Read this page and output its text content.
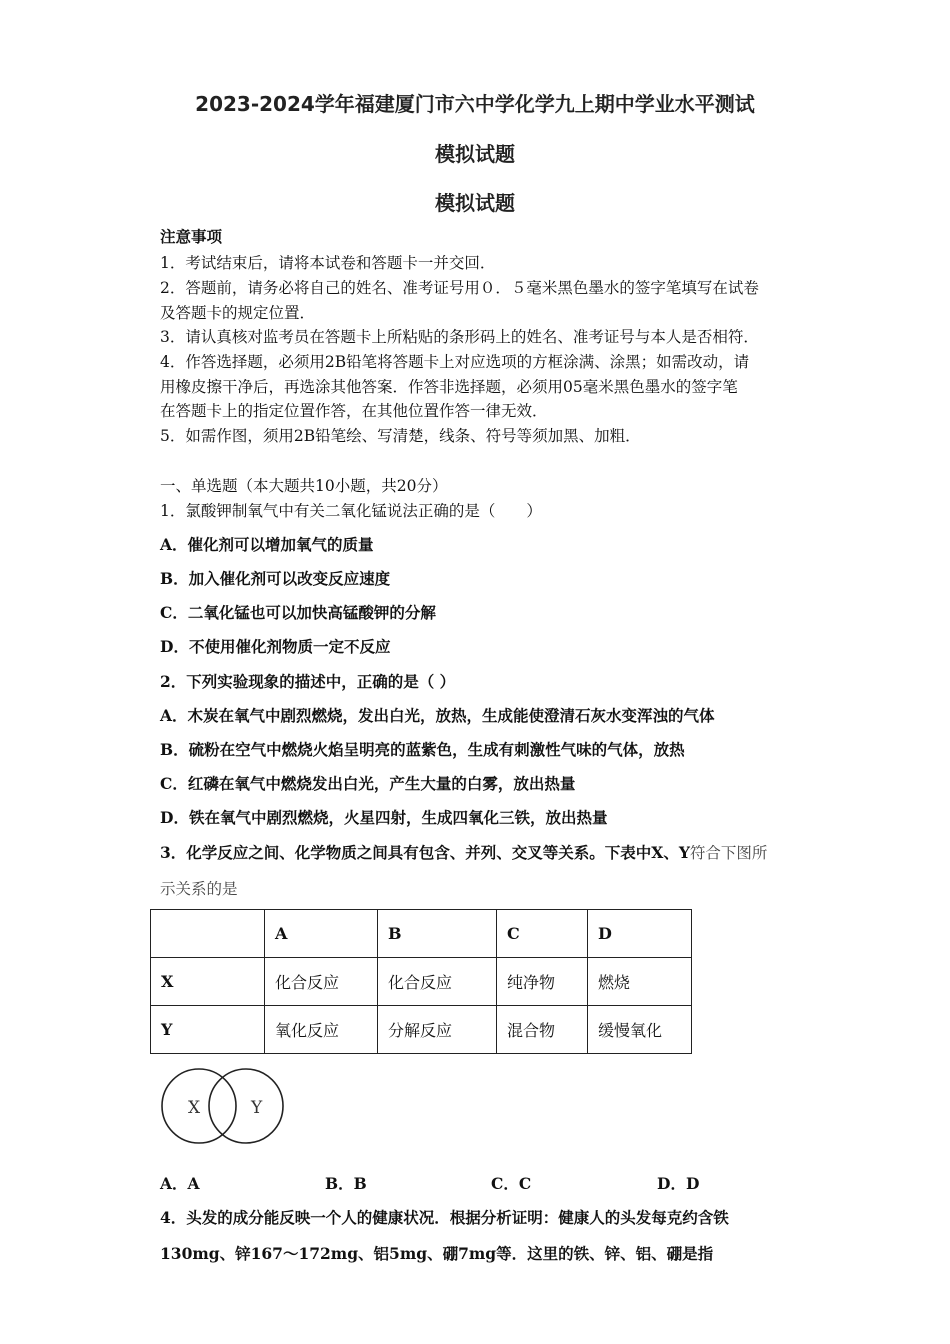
2023-2024学年福建厦门市六中学化学九上期中学业水平测试
模拟试题
模拟试题
注意事项
1．考试结束后，请将本试卷和答题卡一并交回．
2．答题前，请务必将自己的姓名、准考证号用０．５毫米黑色墨水的签字笔填写在试卷
及答题卡的规定位置．
3．请认真核对监考员在答题卡上所粘贴的条形码上的姓名、准考证号与本人是否相符．
4．作答选择题，必须用2B铅笔将答题卡上对应选项的方框涂满、涂黑；如需改动，请
用橡皮擦干净后，再选涂其他答案．作答非选择题，必须用05毫米黑色墨水的签字笔
在答题卡上的指定位置作答，在其他位置作答一律无效．
5．如需作图，须用2B铅笔绘、写清楚，线条、符号等须加黑、加粗．
一、单选题（本大题共10小题，共20分）
1．氯酸钾制氧气中有关二氧化锰说法正确的是（　　）
A．催化剂可以增加氧气的质量
B．加入催化剂可以改变反应速度
C．二氧化锰也可以加快高锰酸钾的分解
D．不使用催化剂物质一定不反应
2．下列实验现象的描述中，正确的是（ ）
A．木炭在氧气中剧烈燃烧，发出白光，放热，生成能使澄清石灰水变浑浊的气体
B．硫粉在空气中燃烧火焰呈明亮的蓝紫色，生成有刺激性气味的气体，放热
C．红磷在氧气中燃烧发出白光，产生大量的白雾，放出热量
D．铁在氧气中剧烈燃烧，火星四射，生成四氧化三铁，放出热量
3．化学反应之间、化学物质之间具有包含、并列、交叉等关系。下表中X、Y符合下图所
示关系的是
	A	B	C	D
X	化合反应	化合反应	纯净物	燃烧
Y	氧化反应	分解反应	混合物	缓慢氧化
X	Y
A．A	B．B	C．C	D．D
4．头发的成分能反映一个人的健康状况．根据分析证明：健康人的头发每克约含铁
130mg、锌167～172mg、铝5mg、硼7mg等．这里的铁、锌、铝、硼是指
